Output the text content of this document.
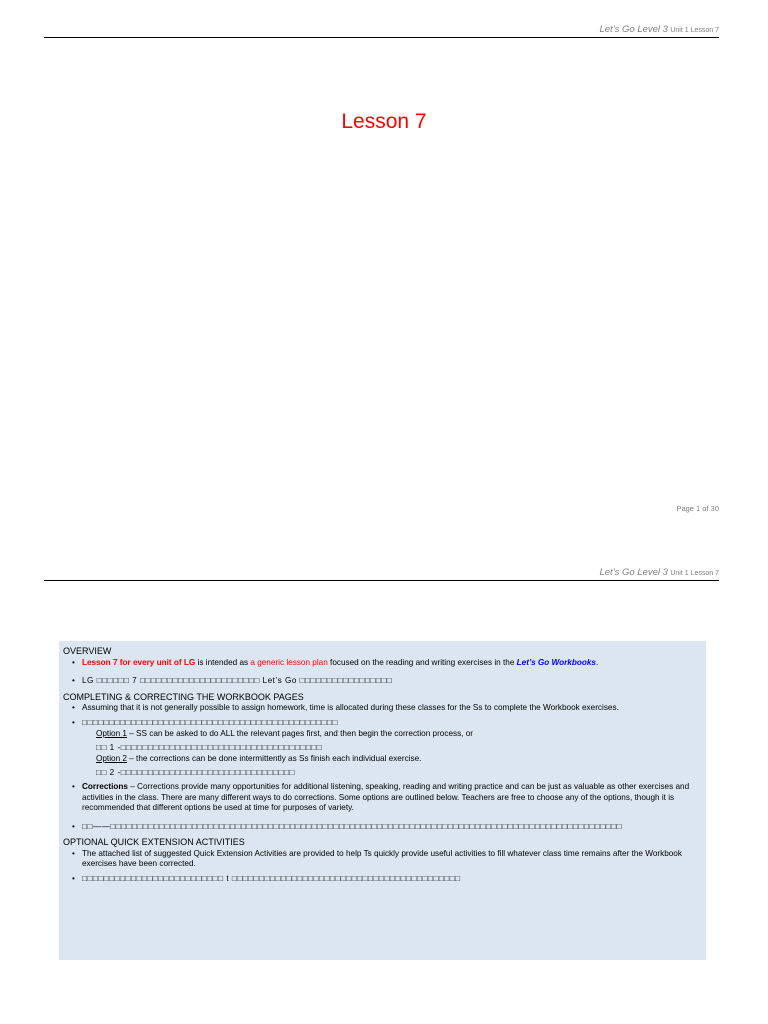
Let’s Go Level 3 Unit 1 Lesson 7
Lesson 7
Page 1 of 30
Let’s Go Level 3 Unit 1 Lesson 7
OVERVIEW
• Lesson 7 for every unit of LG is intended as a generic lesson plan focused on the reading and writing exercises in the Let’s Go Workbooks.
• LG □□□□□□ 7 □□□□□□□□□□□□□□□□□□□□□□ Let’s Go □□□□□□□□□□□□□□□□□
COMPLETING & CORRECTING THE WORKBOOK PAGES
• Assuming that it is not generally possible to assign homework, time is allocated during these classes for the Ss to complete the Workbook exercises.
• □□□□□□□□□□□□□□□□□□□□□□□□□□□□□□□□□□□□□□□□□□□□□□□
Option 1 – SS can be asked to do ALL the relevant pages first, and then begin the correction process, or
□□ 1 -□□□□□□□□□□□□□□□□□□□□□□□□□□□□□□□□□□□□□
Option 2 – the corrections can be done intermittently as Ss finish each individual exercise.
□□ 2 -□□□□□□□□□□□□□□□□□□□□□□□□□□□□□□□□
• Corrections – Corrections provide many opportunities for additional listening, speaking, reading and writing practice and can be just as valuable as other exercises and activities in the class. There are many different ways to do corrections. Some options are outlined below. Teachers are free to choose any of the options, though it is recommended that different options be used at time for purposes of variety.
• □□——□□□□□□□□□□□□□□□□□□□□□□□□□□□□□□□□□□□□□□□□□□□□□□□□□□□□□□□□□□□□□□□□□□□□□□□□□□□□□□□□□□□□□□□□□□□□□□
OPTIONAL QUICK EXTENSION ACTIVITIES
• The attached list of suggested Quick Extension Activities are provided to help Ts quickly provide useful activities to fill whatever class time remains after the Workbook exercises have been corrected.
• □□□□□□□□□□□□□□□□□□□□□□□□□□ t □□□□□□□□□□□□□□□□□□□□□□□□□□□□□□□□□□□□□□□□□□
